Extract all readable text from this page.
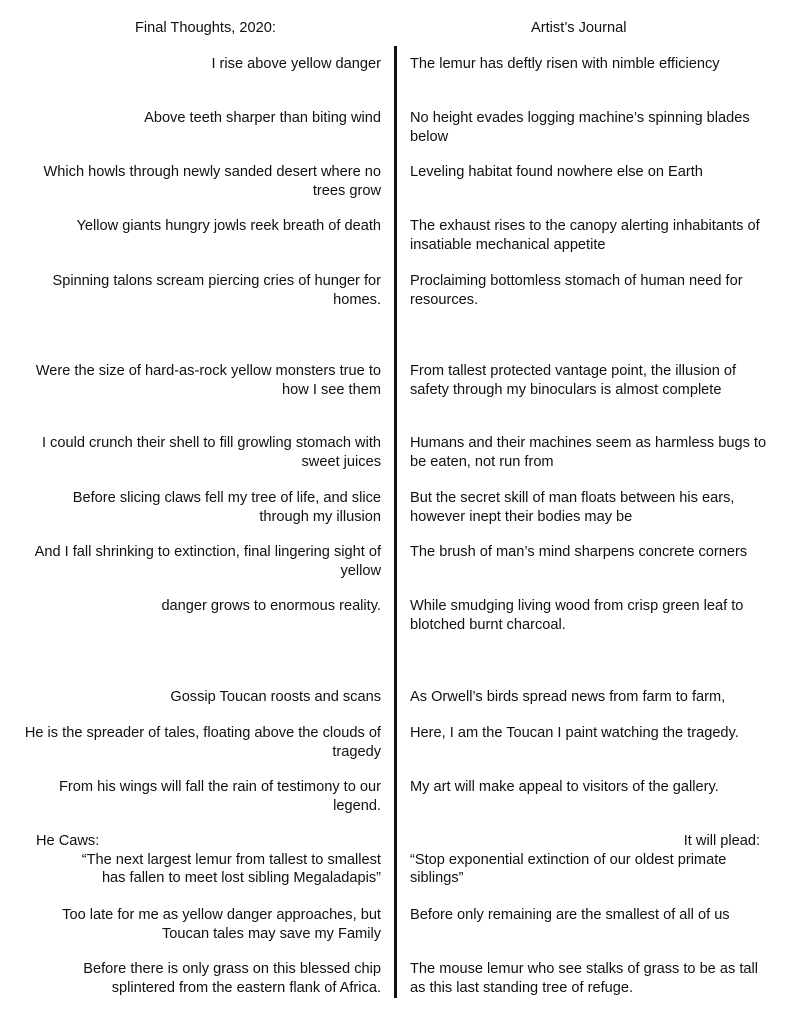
Final Thoughts, 2020:	Artist’s Journal
I rise above yellow danger The lemur has deftly risen with nimble efficiency
Above teeth sharper than biting wind No height evades logging machine’s spinning blades below
Which howls through newly sanded desert where no trees grow
Leveling habitat found nowhere else on Earth
Yellow giants hungry jowls reek breath of death The exhaust rises to the canopy alerting inhabitants of insatiable mechanical appetite
Spinning talons scream piercing cries of hunger for homes.
Proclaiming bottomless stomach of human need for resources.
Were the size of hard-as-rock yellow monsters true to how I see them
From tallest protected vantage point, the illusion of safety through my binoculars is almost complete
I could crunch their shell to fill growling stomach with sweet juices
Humans and their machines seem as harmless bugs to be eaten, not run from
Before slicing claws fell my tree of life, and slice through my illusion
But the secret skill of man floats between his ears, however inept their bodies may be
And I fall shrinking to extinction, final lingering sight of yellow
The brush of man’s mind sharpens concrete corners
danger grows to enormous reality. While smudging living wood from crisp green leaf to blotched burnt charcoal.
Gossip Toucan roosts and scans As Orwell’s birds spread news from farm to farm,
He is the spreader of tales, floating above the clouds of tragedy
Here, I am the Toucan I paint watching the tragedy.
From his wings will fall the rain of testimony to our legend.
My art will make appeal to visitors of the gallery.
He Caws:
“The next largest lemur from tallest to smallest
has fallen to meet lost sibling Megaladapis”
It will plead:
“Stop exponential extinction of our oldest primate siblings”
Too late for me as yellow danger approaches, but Toucan tales may save my Family
Before only remaining are the smallest of all of us
Before there is only grass on this blessed chip splintered from the eastern flank of Africa.
The mouse lemur who see stalks of grass to be as tall as this last standing tree of refuge.
